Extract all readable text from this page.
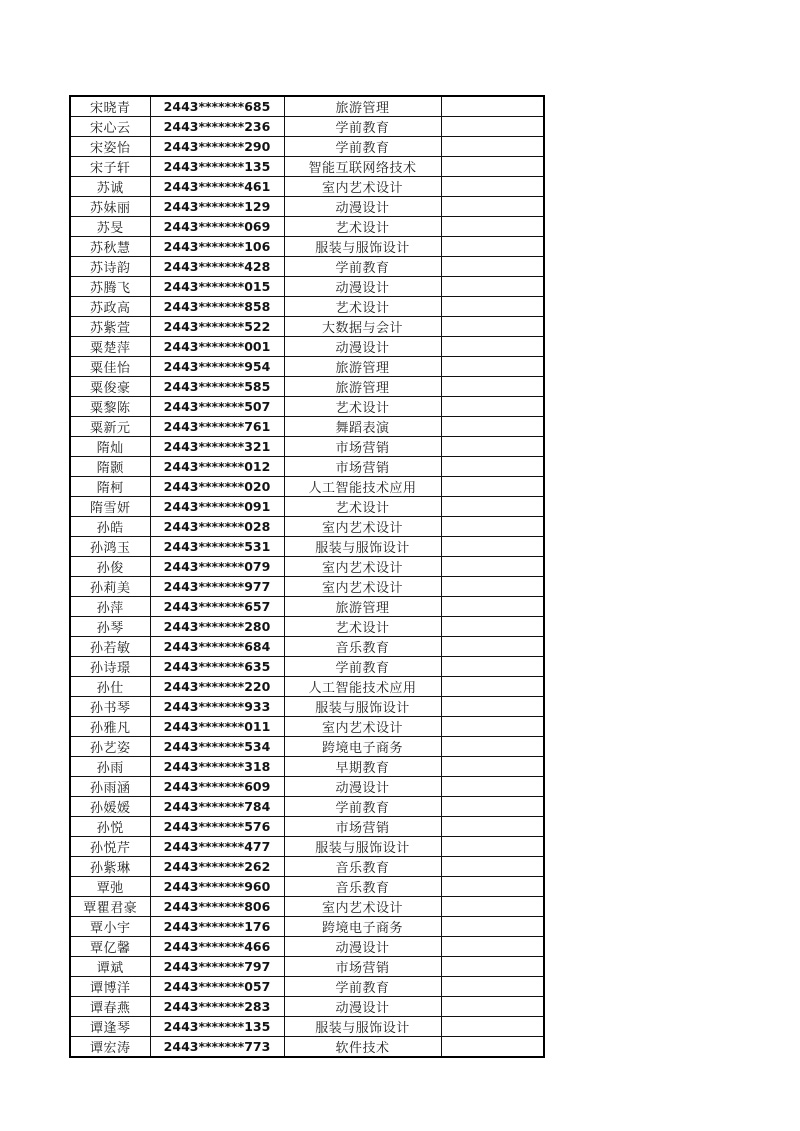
宋晓青	2443*******685	旅游管理	
宋心云	2443*******236	学前教育	
宋姿怡	2443*******290	学前教育	
宋子轩	2443*******135	智能互联网络技术	
苏诚	2443*******461	室内艺术设计	
苏妹丽	2443*******129	动漫设计	
苏旻	2443*******069	艺术设计	
苏秋慧	2443*******106	服装与服饰设计	
苏诗韵	2443*******428	学前教育	
苏腾飞	2443*******015	动漫设计	
苏政高	2443*******858	艺术设计	
苏紫萱	2443*******522	大数据与会计	
粟楚萍	2443*******001	动漫设计	
粟佳怡	2443*******954	旅游管理	
粟俊豪	2443*******585	旅游管理	
粟黎陈	2443*******507	艺术设计	
粟新元	2443*******761	舞蹈表演	
隋灿	2443*******321	市场营销	
隋颢	2443*******012	市场营销	
隋柯	2443*******020	人工智能技术应用	
隋雪妍	2443*******091	艺术设计	
孙皓	2443*******028	室内艺术设计	
孙鸿玉	2443*******531	服装与服饰设计	
孙俊	2443*******079	室内艺术设计	
孙莉美	2443*******977	室内艺术设计	
孙萍	2443*******657	旅游管理	
孙琴	2443*******280	艺术设计	
孙若敏	2443*******684	音乐教育	
孙诗璟	2443*******635	学前教育	
孙仕	2443*******220	人工智能技术应用	
孙书琴	2443*******933	服装与服饰设计	
孙雅凡	2443*******011	室内艺术设计	
孙艺姿	2443*******534	跨境电子商务	
孙雨	2443*******318	早期教育	
孙雨涵	2443*******609	动漫设计	
孙媛媛	2443*******784	学前教育	
孙悦	2443*******576	市场营销	
孙悦芹	2443*******477	服装与服饰设计	
孙紫琳	2443*******262	音乐教育	
覃弛	2443*******960	音乐教育	
覃瞿君豪	2443*******806	室内艺术设计	
覃小宇	2443*******176	跨境电子商务	
覃亿馨	2443*******466	动漫设计	
谭斌	2443*******797	市场营销	
谭博洋	2443*******057	学前教育	
谭春燕	2443*******283	动漫设计	
谭逢琴	2443*******135	服装与服饰设计	
谭宏涛	2443*******773	软件技术	
